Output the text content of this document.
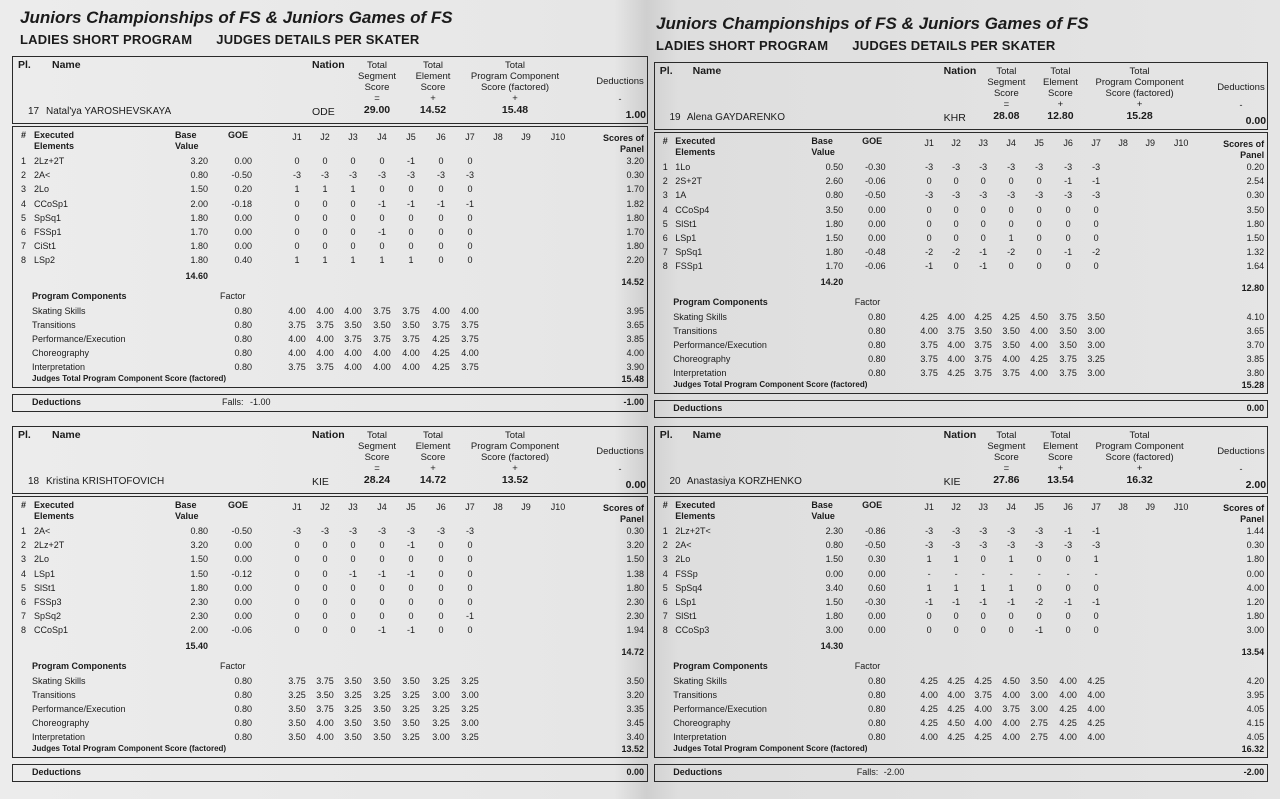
Juniors Championships of FS & Juniors Games of FS
LADIES SHORT PROGRAM JUDGES DETAILS PER SKATER
Juniors Championships of FS & Juniors Games of FS
LADIES SHORT PROGRAM JUDGES DETAILS PER SKATER
Pl. Name	Nation	Total
Segment
Score
=
Total
Element
Score
+
Total
Program Component
Score (factored)
+
Deductions
-
17 Natal'ya YAROSHEVSKAYA	ODE	29.00	14.52	15.48	1.00
# Executed
Elements
Base
Value
GOE	J1	J2	J3	J4	J5	J6	J7	J8	J9	J10	Scores of
Panel
1 2Lz+2T	3.20	0.00	0	0	0	0	-1	0	0	3.20
2 2A<	0.80	-0.50	-3	-3	-3	-3	-3	-3	-3	0.30
3 2Lo	1.50	0.20	1	1	1	0	0	0	0	1.70
4 CCoSp1	2.00	-0.18	0	0	0	-1	-1	-1	-1	1.82
5 SpSq1	1.80	0.00	0	0	0	0	0	0	0	1.80
6 FSSp1	1.70	0.00	0	0	0	-1	0	0	0	1.70
7 CiSt1	1.80	0.00	0	0	0	0	0	0	0	1.80
8 LSp2	1.80	0.40	1	1	1	1	1	0	0	2.20
14.60
14.52
Program Components	Factor
Skating Skills	0.80	4.00	4.00	4.00	3.75	3.75	4.00	4.00	3.95
Transitions	0.80	3.75	3.75	3.50	3.50	3.50	3.75	3.75	3.65
Performance/Execution	0.80	4.00	4.00	3.75	3.75	3.75	4.25	3.75	3.85
Choreography	0.80	4.00	4.00	4.00	4.00	4.00	4.25	4.00	4.00
Interpretation	0.80	3.75	3.75	4.00	4.00	4.00	4.25	3.75	3.90
Judges Total Program Component Score (factored)	15.48
Deductions	Falls: -1.00	-1.00
Pl. Name	Nation	Total
Segment
Score
=
Total
Element
Score
+
Total
Program Component
Score (factored)
+
Deductions
-
18 Kristina KRISHTOFOVICH	KIE	28.24	14.72	13.52	0.00
# Executed
Elements
Base
Value
GOE	J1	J2	J3	J4	J5	J6	J7	J8	J9	J10	Scores of
Panel
1 2A<	0.80	-0.50	-3	-3	-3	-3	-3	-3	-3	0.30
2 2Lz+2T	3.20	0.00	0	0	0	0	-1	0	0	3.20
3 2Lo	1.50	0.00	0	0	0	0	0	0	0	1.50
4 LSp1	1.50	-0.12	0	0	-1	-1	-1	0	0	1.38
5 SlSt1	1.80	0.00	0	0	0	0	0	0	0	1.80
6 FSSp3	2.30	0.00	0	0	0	0	0	0	0	2.30
7 SpSq2	2.30	0.00	0	0	0	0	0	0	-1	2.30
8 CCoSp1	2.00	-0.06	0	0	0	-1	-1	0	0	1.94
15.40
14.72
Program Components	Factor
Skating Skills	0.80	3.75	3.75	3.50	3.50	3.50	3.25	3.25	3.50
Transitions	0.80	3.25	3.50	3.25	3.25	3.25	3.00	3.00	3.20
Performance/Execution	0.80	3.50	3.75	3.25	3.50	3.25	3.25	3.25	3.35
Choreography	0.80	3.50	4.00	3.50	3.50	3.50	3.25	3.00	3.45
Interpretation	0.80	3.50	4.00	3.50	3.50	3.25	3.00	3.25	3.40
Judges Total Program Component Score (factored)	13.52
Deductions	0.00
Pl. Name	Nation	Total
Segment
Score
=
Total
Element
Score
+
Total
Program Component
Score (factored)
+
Deductions
-
19 Alena GAYDARENKO	KHR	28.08	12.80	15.28	0.00
# Executed
Elements
Base
Value
GOE	J1	J2	J3	J4	J5	J6	J7	J8	J9	J10	Scores of
Panel
1 1Lo	0.50	-0.30	-3	-3	-3	-3	-3	-3	-3	0.20
2 2S+2T	2.60	-0.06	0	0	0	0	0	-1	-1	2.54
3 1A	0.80	-0.50	-3	-3	-3	-3	-3	-3	-3	0.30
4 CCoSp4	3.50	0.00	0	0	0	0	0	0	0	3.50
5 SlSt1	1.80	0.00	0	0	0	0	0	0	0	1.80
6 LSp1	1.50	0.00	0	0	0	1	0	0	0	1.50
7 SpSq1	1.80	-0.48	-2	-2	-1	-2	0	-1	-2	1.32
8 FSSp1	1.70	-0.06	-1	0	-1	0	0	0	0	1.64
14.20
12.80
Program Components	Factor
Skating Skills	0.80	4.25	4.00	4.25	4.25	4.50	3.75	3.50	4.10
Transitions	0.80	4.00	3.75	3.50	3.50	4.00	3.50	3.00	3.65
Performance/Execution	0.80	3.75	4.00	3.75	3.50	4.00	3.50	3.00	3.70
Choreography	0.80	3.75	4.00	3.75	4.00	4.25	3.75	3.25	3.85
Interpretation	0.80	3.75	4.25	3.75	3.75	4.00	3.75	3.00	3.80
Judges Total Program Component Score (factored)	15.28
Deductions	0.00
Pl. Name	Nation	Total
Segment
Score
=
Total
Element
Score
+
Total
Program Component
Score (factored)
+
Deductions
-
20 Anastasiya KORZHENKO	KIE	27.86	13.54	16.32	2.00
# Executed
Elements
Base
Value
GOE	J1	J2	J3	J4	J5	J6	J7	J8	J9	J10	Scores of
Panel
1 2Lz+2T<	2.30	-0.86	-3	-3	-3	-3	-3	-1	-1	1.44
2 2A<	0.80	-0.50	-3	-3	-3	-3	-3	-3	-3	0.30
3 2Lo	1.50	0.30	1	1	0	1	0	0	1	1.80
4 FSSp	0.00	0.00	-	-	-	-	-	-	-	0.00
5 SpSq4	3.40	0.60	1	1	1	1	0	0	0	4.00
6 LSp1	1.50	-0.30	-1	-1	-1	-1	-2	-1	-1	1.20
7 SlSt1	1.80	0.00	0	0	0	0	0	0	0	1.80
8 CCoSp3	3.00	0.00	0	0	0	0	-1	0	0	3.00
14.30
13.54
Program Components	Factor
Skating Skills	0.80	4.25	4.25	4.25	4.50	3.50	4.00	4.25	4.20
Transitions	0.80	4.00	4.00	3.75	4.00	3.00	4.00	4.00	3.95
Performance/Execution	0.80	4.25	4.25	4.00	3.75	3.00	4.25	4.00	4.05
Choreography	0.80	4.25	4.50	4.00	4.00	2.75	4.25	4.25	4.15
Interpretation	0.80	4.00	4.25	4.25	4.00	2.75	4.00	4.00	4.05
Judges Total Program Component Score (factored)	16.32
Deductions	Falls: -2.00	-2.00
